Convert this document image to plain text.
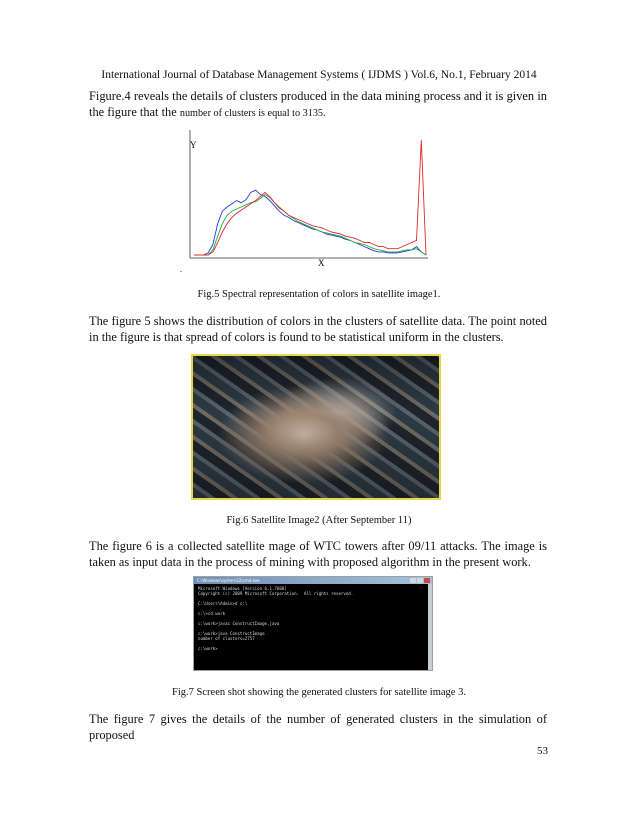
International Journal of Database Management Systems ( IJDMS ) Vol.6, No.1, February 2014
Figure.4 reveals the details of clusters produced in the data mining process and it is given in the figure that the number of clusters is equal to 3135.
Y
X
.
Fig.5 Spectral representation of colors in satellite image1.
The figure 5 shows the distribution of colors in the clusters of satellite data. The point noted in the figure is that spread of colors is found to be statistical uniform in the clusters.
Fig.6 Satellite Image2 (After September 11)
The figure 6 is a collected satellite mage of WTC towers after 09/11 attacks. The image is taken as input data in the process of mining with proposed algorithm in the present work.
C:\Windows\system32\cmd.exe
Microsoft Windows [Version 6.1.7600]
Copyright (c) 2009 Microsoft Corporation.  All rights reserved.

C:\Users\Admin>d c:\

c:\>cd work

c:\work>javac ConstructImage.java

c:\work>java ConstructImage
number of clusters=2757

c:\work>
Fig.7 Screen shot showing the generated clusters for satellite image 3.
The figure 7 gives the details of the number of generated clusters in the simulation of proposed
53
